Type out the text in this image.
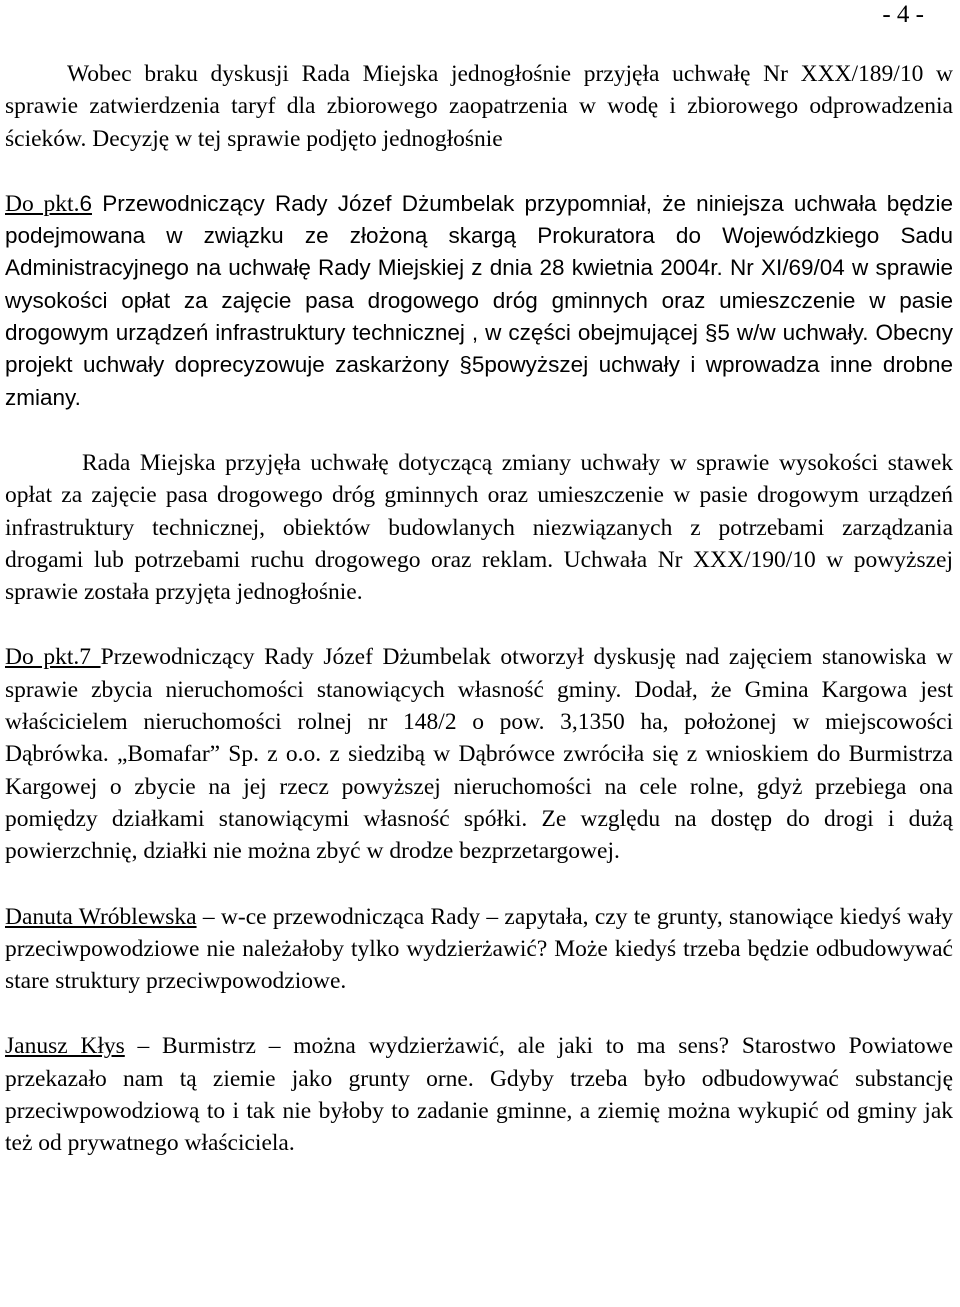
- 4 -

Wobec braku dyskusji Rada Miejska jednogłośnie przyjęła uchwałę Nr XXX/189/10 w sprawie zatwierdzenia taryf dla zbiorowego zaopatrzenia w wodę i zbiorowego odprowadzenia ścieków. Decyzję w tej sprawie podjęto jednogłośnie

Do pkt.6 Przewodniczący Rady Józef Dżumbelak przypomniał, że niniejsza uchwała będzie podejmowana w związku ze złożoną skargą Prokuratora do Wojewódzkiego Sadu Administracyjnego na uchwałę Rady Miejskiej z dnia 28 kwietnia 2004r. Nr XI/69/04 w sprawie wysokości opłat za zajęcie pasa drogowego dróg gminnych oraz umieszczenie w pasie drogowym urządzeń infrastruktury technicznej , w części obejmującej §5 w/w uchwały. Obecny projekt uchwały doprecyzowuje zaskarżony §5powyższej uchwały i wprowadza inne drobne zmiany.

Rada Miejska przyjęła uchwałę dotyczącą zmiany uchwały w sprawie wysokości stawek opłat za zajęcie pasa drogowego dróg gminnych oraz umieszczenie w pasie drogowym urządzeń infrastruktury technicznej, obiektów budowlanych niezwiązanych z potrzebami zarządzania drogami lub potrzebami ruchu drogowego oraz reklam. Uchwała Nr XXX/190/10 w powyższej sprawie została przyjęta jednogłośnie.

Do pkt.7 Przewodniczący Rady Józef Dżumbelak otworzył dyskusję nad zajęciem stanowiska w sprawie zbycia nieruchomości stanowiących własność gminy. Dodał, że Gmina Kargowa jest właścicielem nieruchomości rolnej nr 148/2 o pow. 3,1350 ha, położonej w miejscowości Dąbrówka. „Bomafar” Sp. z o.o. z siedzibą w Dąbrówce zwróciła się z wnioskiem do Burmistrza Kargowej o zbycie na jej rzecz powyższej nieruchomości na cele rolne, gdyż przebiega ona pomiędzy działkami stanowiącymi własność spółki. Ze względu na dostęp do drogi i dużą powierzchnię, działki nie można zbyć w drodze bezprzetargowej.

Danuta Wróblewska – w-ce przewodnicząca Rady – zapytała, czy te grunty, stanowiące kiedyś wały przeciwpowodziowe nie należałoby tylko wydzierżawić? Może kiedyś trzeba będzie odbudowywać stare struktury przeciwpowodziowe.

Janusz Kłys – Burmistrz – można wydzierżawić, ale jaki to ma sens? Starostwo Powiatowe przekazało nam tą ziemie jako grunty orne. Gdyby trzeba było odbudowywać substancję przeciwpowodziową to i tak nie byłoby to zadanie gminne, a ziemię można wykupić od gminy jak też od prywatnego właściciela.
